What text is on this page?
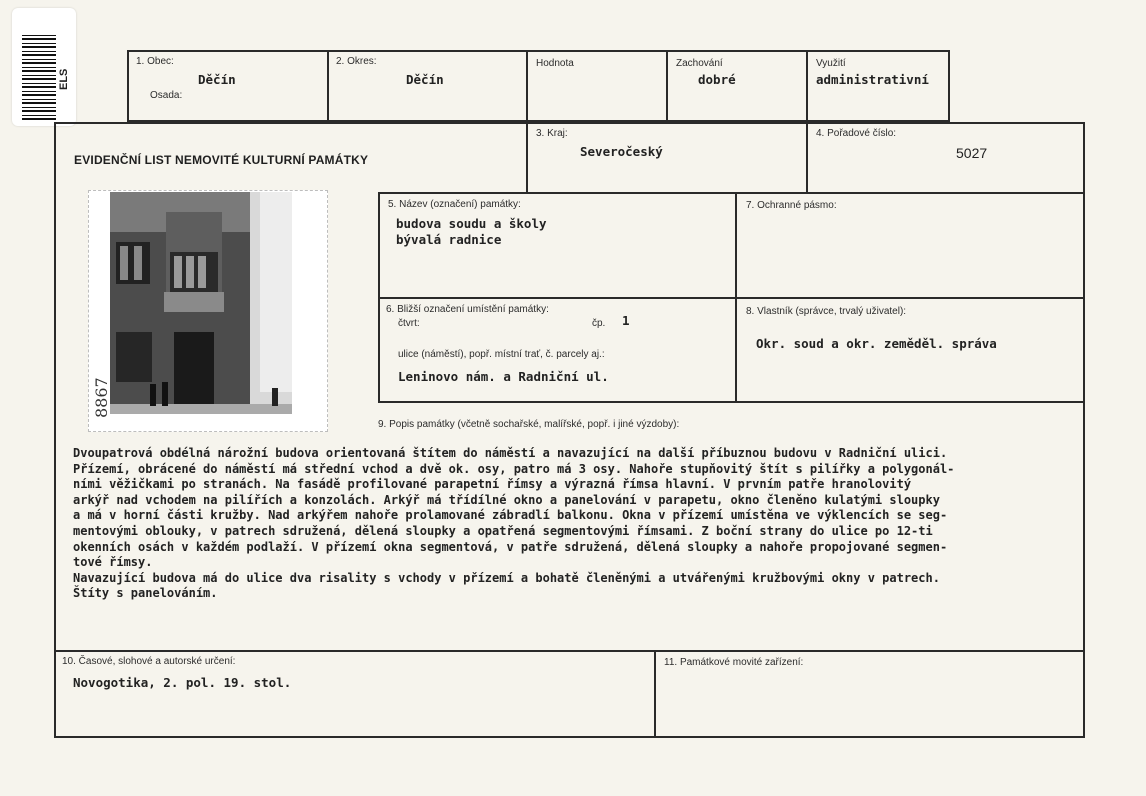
ELS
1. Obec:
Děčín
Osada:
2. Okres:
Děčín
Hodnota	Zachování
dobré
Využití
administrativní
EVIDENČNÍ LIST NEMOVITÉ KULTURNÍ PAMÁTKY
3. Kraj:
Severočeský
4. Pořadové číslo:
5027
5. Název (označení) památky:
budova soudu a školy
bývalá radnice
7. Ochranné pásmo:
6. Bližší označení umístění památky:
čtvrt:	čp. 1
ulice (náměstí), popř. místní trať, č. parcely aj.:
Leninovo nám. a Radniční ul.
8. Vlastník (správce, trvalý uživatel):
Okr. soud a okr. zeměděl. správa
8867
9. Popis památky (včetně sochařské, malířské, popř. i jiné výzdoby):
Dvoupatrová obdélná nárožní budova orientovaná štítem do náměstí a navazující na další příbuznou budovu v Radniční ulici.
Přízemí, obrácené do náměstí má střední vchod a dvě ok. osy, patro má 3 osy. Nahoře stupňovitý štít s pilířky a polygonál-
ními věžičkami po stranách. Na fasádě profilované parapetní římsy a výrazná římsa hlavní. V prvním patře hranolovitý
arkýř nad vchodem na pilířích a konzolách. Arkýř má třídílné okno a panelování v parapetu, okno členěno kulatými sloupky
a má v horní části kružby. Nad arkýřem nahoře prolamované zábradlí balkonu. Okna v přízemí umístěna ve výklencích se seg-
mentovými oblouky, v patrech sdružená, dělená sloupky a opatřená segmentovými římsami. Z boční strany do ulice po 12-ti
okenních osách v každém podlaží. V přízemí okna segmentová, v patře sdružená, dělená sloupky a nahoře propojované segmen-
tové římsy.
Navazující budova má do ulice dva risality s vchody v přízemí a bohatě členěnými a utvářenými kružbovými okny v patrech.
Štíty s panelováním.
10. Časové, slohové a autorské určení:
Novogotika, 2. pol. 19. stol.
11. Památkové movité zařízení:
